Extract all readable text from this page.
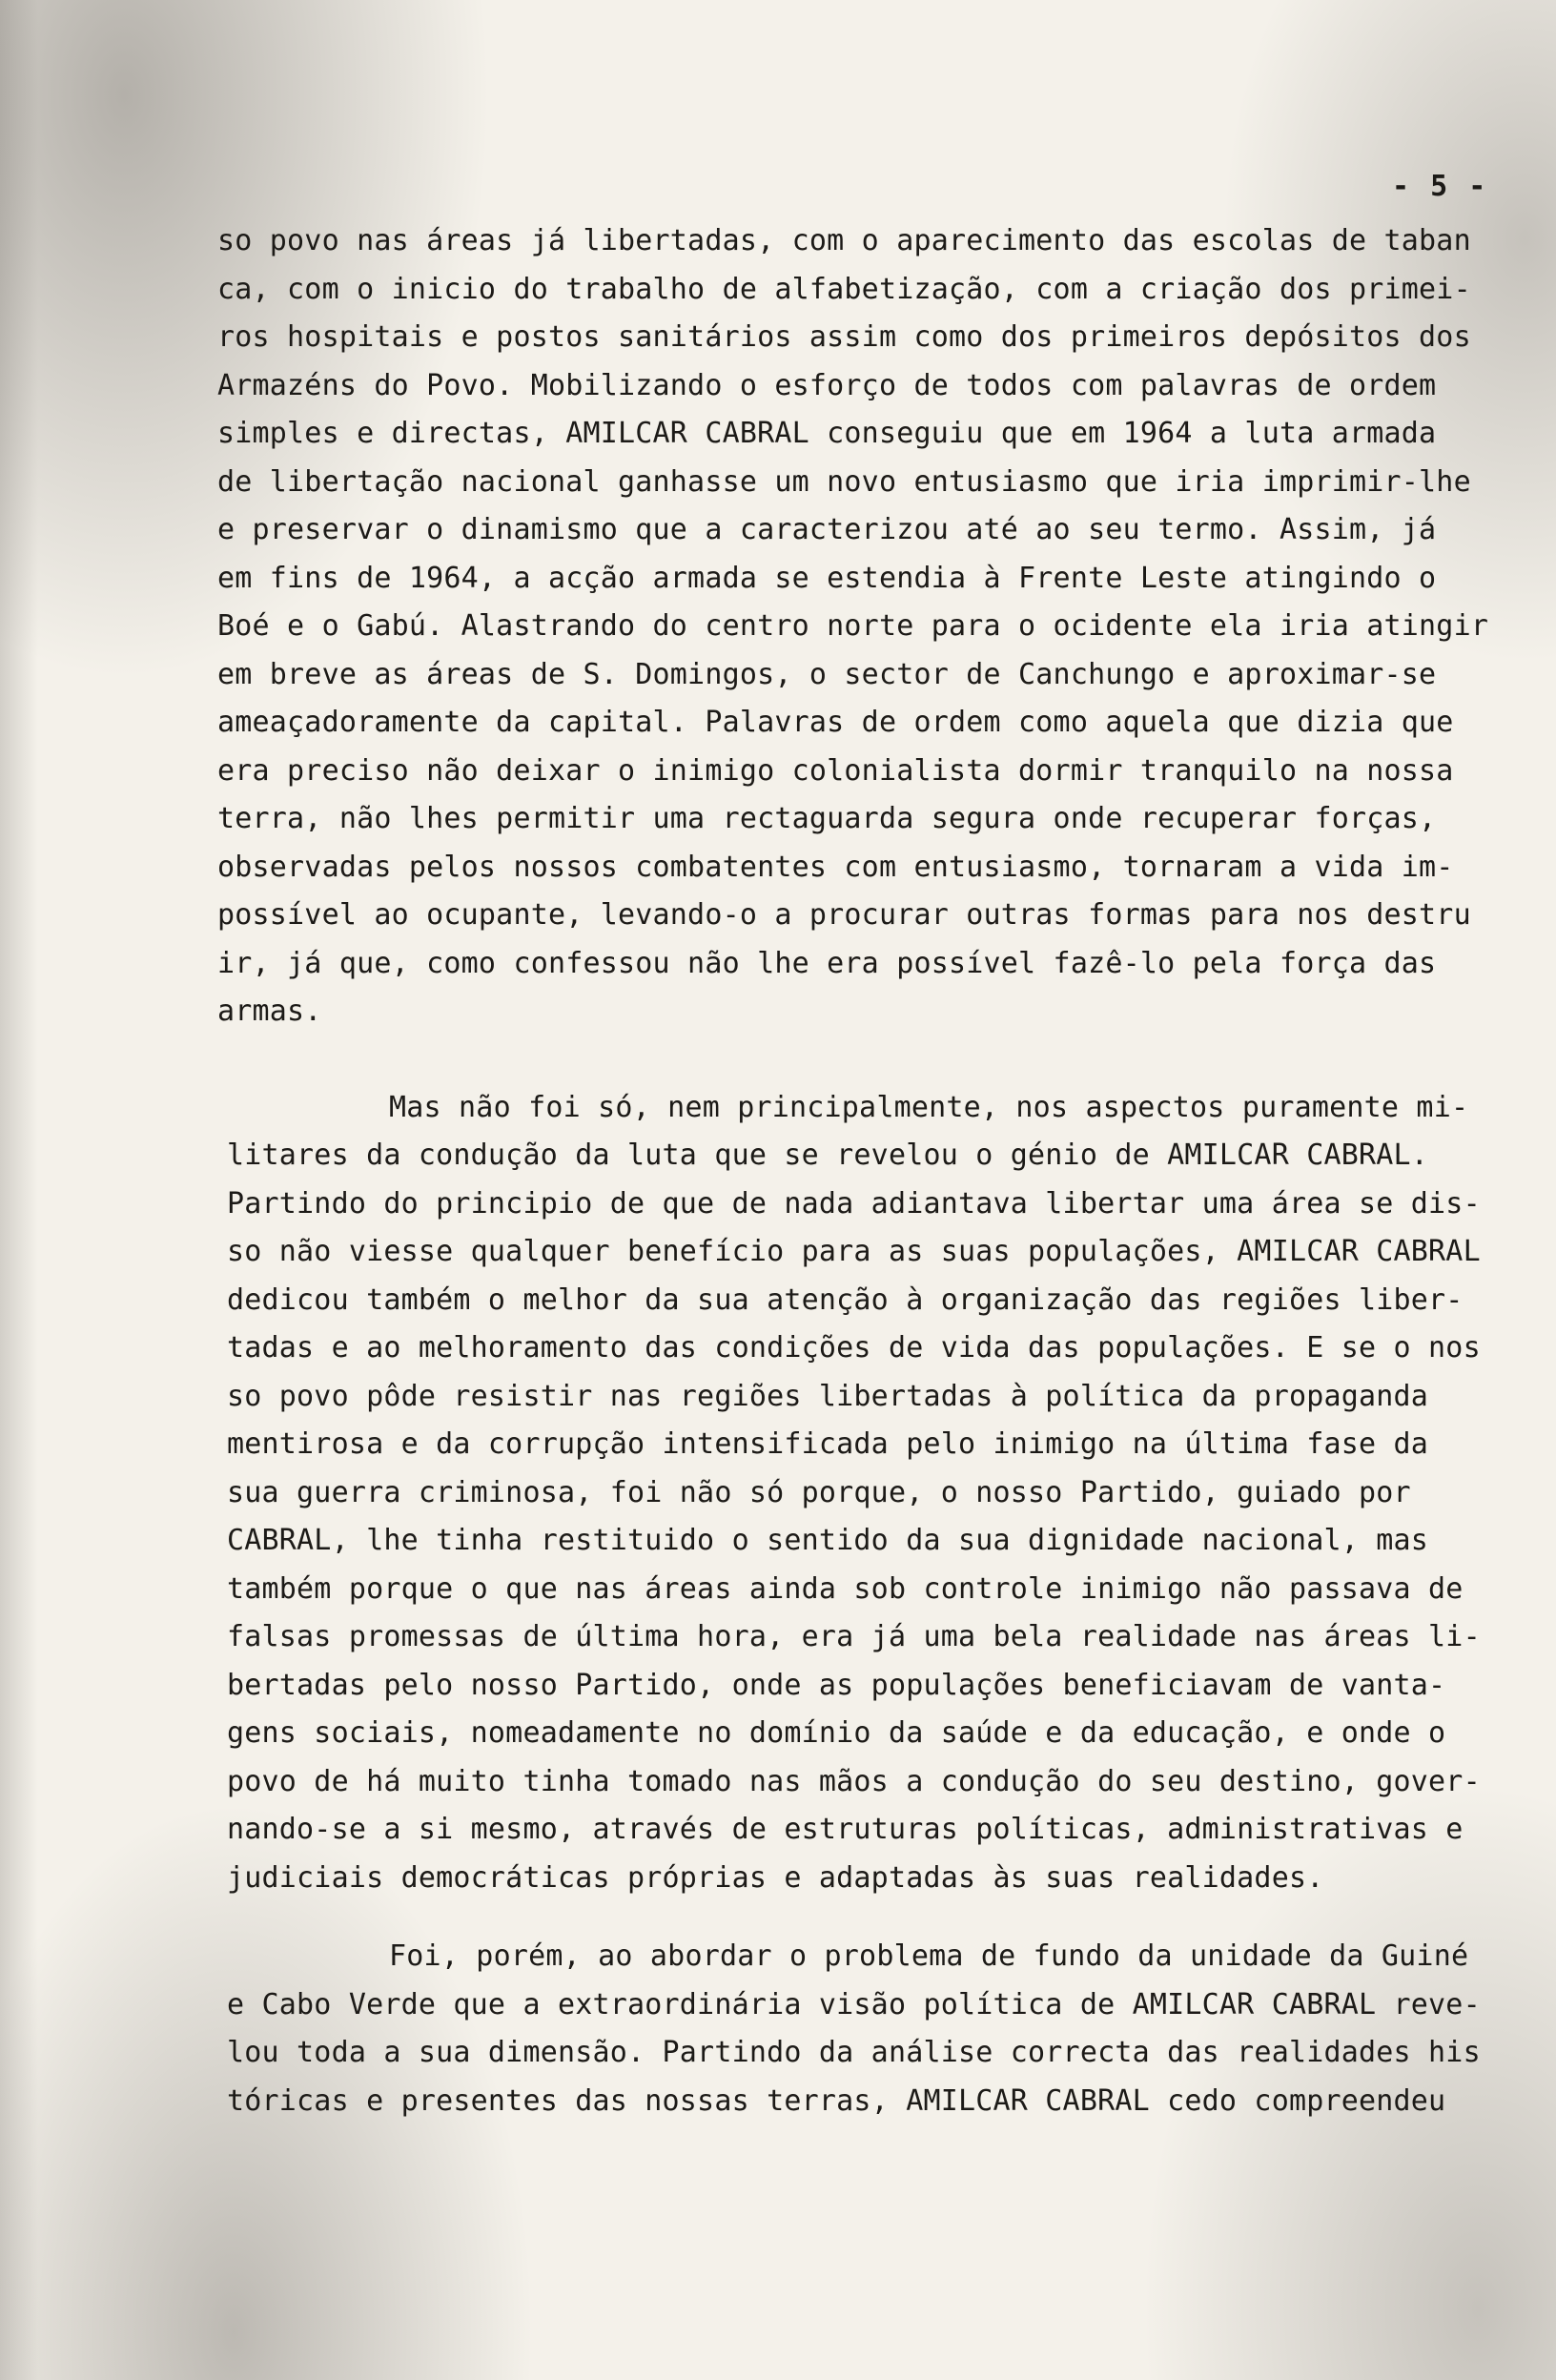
- 5 -

so povo nas áreas já libertadas, com o aparecimento das escolas de taban
ca, com o inicio do trabalho de alfabetização, com a criação dos primei-
ros hospitais e postos sanitários assim como dos primeiros depósitos dos
Armazéns do Povo. Mobilizando o esforço de todos com palavras de ordem
simples e directas, AMILCAR CABRAL conseguiu que em 1964 a luta armada
de libertação nacional ganhasse um novo entusiasmo que iria imprimir-lhe
e preservar o dinamismo que a caracterizou até ao seu termo. Assim, já
em fins de 1964, a acção armada se estendia à Frente Leste atingindo o
Boé e o Gabú. Alastrando do centro norte para o ocidente ela iria atingir
em breve as áreas de S. Domingos, o sector de Canchungo e aproximar-se
ameaçadoramente da capital. Palavras de ordem como aquela que dizia que
era preciso não deixar o inimigo colonialista dormir tranquilo na nossa
terra, não lhes permitir uma rectaguarda segura onde recuperar forças,
observadas pelos nossos combatentes com entusiasmo, tornaram a vida im-
possível ao ocupante, levando-o a procurar outras formas para nos destru
ir, já que, como confessou não lhe era possível fazê-lo pela força das
armas.

Mas não foi só, nem principalmente, nos aspectos puramente mi-
litares da condução da luta que se revelou o génio de AMILCAR CABRAL.
Partindo do principio de que de nada adiantava libertar uma área se dis-
so não viesse qualquer benefício para as suas populações, AMILCAR CABRAL
dedicou também o melhor da sua atenção à organização das regiões liber-
tadas e ao melhoramento das condições de vida das populações. E se o nos
so povo pôde resistir nas regiões libertadas à política da propaganda
mentirosa e da corrupção intensificada pelo inimigo na última fase da
sua guerra criminosa, foi não só porque, o nosso Partido, guiado por
CABRAL, lhe tinha restituido o sentido da sua dignidade nacional, mas
também porque o que nas áreas ainda sob controle inimigo não passava de
falsas promessas de última hora, era já uma bela realidade nas áreas li-
bertadas pelo nosso Partido, onde as populações beneficiavam de vanta-
gens sociais, nomeadamente no domínio da saúde e da educação, e onde o
povo de há muito tinha tomado nas mãos a condução do seu destino, gover-
nando-se a si mesmo, através de estruturas políticas, administrativas e
judiciais democráticas próprias e adaptadas às suas realidades.

Foi, porém, ao abordar o problema de fundo da unidade da Guiné
e Cabo Verde que a extraordinária visão política de AMILCAR CABRAL reve-
lou toda a sua dimensão. Partindo da análise correcta das realidades his
tóricas e presentes das nossas terras, AMILCAR CABRAL cedo compreendeu
